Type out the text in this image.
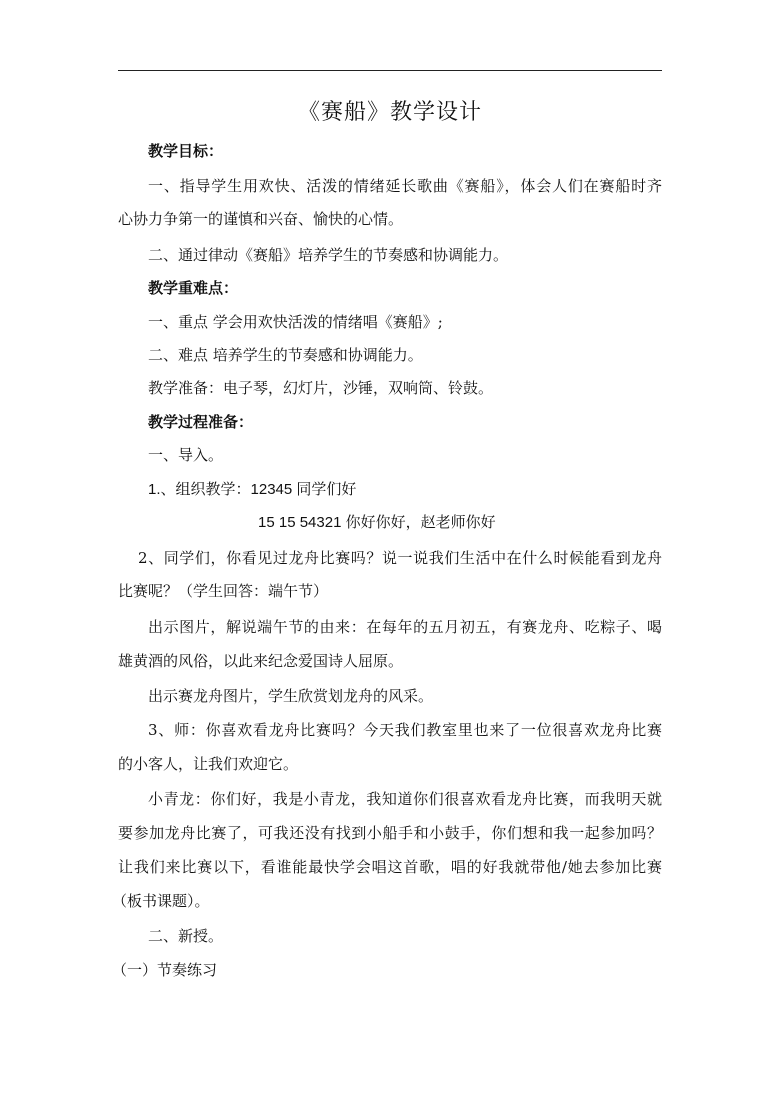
《赛船》教学设计
教学目标：
一、指导学生用欢快、活泼的情绪延长歌曲《赛船》，体会人们在赛船时齐
心协力争第一的谨慎和兴奋、愉快的心情。
二、通过律动《赛船》培养学生的节奏感和协调能力。
教学重难点：
一、重点 学会用欢快活泼的情绪唱《赛船》;
二、难点 培养学生的节奏感和协调能力。
教学准备：电子琴，幻灯片，沙锤，双响筒、铃鼓。
教学过程准备：
一、导入。
1.、组织教学：12345 同学们好
15 15 54321 你好你好，赵老师你好
2、同学们，你看见过龙舟比赛吗？说一说我们生活中在什么时候能看到龙舟
比赛呢？（学生回答：端午节）
出示图片，解说端午节的由来：在每年的五月初五，有赛龙舟、吃粽子、喝
雄黄酒的风俗，以此来纪念爱国诗人屈原。
出示赛龙舟图片，学生欣赏划龙舟的风采。
3、师：你喜欢看龙舟比赛吗？今天我们教室里也来了一位很喜欢龙舟比赛
的小客人，让我们欢迎它。
小青龙：你们好，我是小青龙，我知道你们很喜欢看龙舟比赛，而我明天就
要参加龙舟比赛了，可我还没有找到小船手和小鼓手，你们想和我一起参加吗？
让我们来比赛以下，看谁能最快学会唱这首歌，唱的好我就带他/她去参加比赛
（板书课题）。
二、新授。
（一）节奏练习
